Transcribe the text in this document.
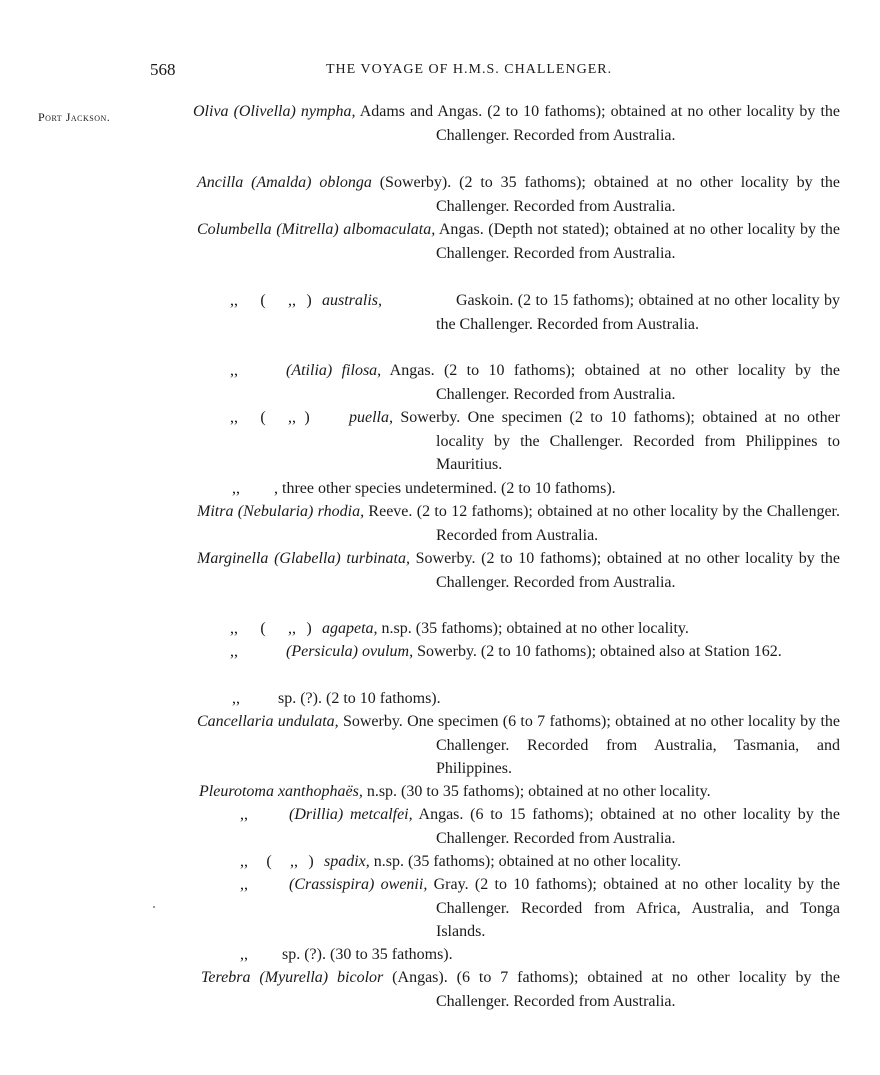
568	THE VOYAGE OF H.M.S. CHALLENGER.
Port Jackson.	Oliva (Olivella) nympha, Adams and Angas. (2 to 10 fathoms); obtained at no other locality by the Challenger. Recorded from Australia.
Ancilla (Amalda) oblonga (Sowerby). (2 to 35 fathoms); obtained at no other locality by the Challenger. Recorded from Australia.
Columbella (Mitrella) albomaculata, Angas. (Depth not stated); obtained at no other locality by the Challenger. Recorded from Australia.
,, ( ,, ) australis,	Gaskoin. (2 to 15 fathoms); obtained at no other locality by the Challenger. Recorded from Australia.
,,	(Atilia) filosa, Angas. (2 to 10 fathoms); obtained at no other locality by the Challenger. Recorded from Australia.
,, ( ,, )	puella, Sowerby. One specimen (2 to 10 fathoms); obtained at no other locality by the Challenger. Recorded from Philippines to Mauritius.
,, , three other species undetermined. (2 to 10 fathoms).
Mitra (Nebularia) rhodia, Reeve. (2 to 12 fathoms); obtained at no other locality by the Challenger. Recorded from Australia.
Marginella (Glabella) turbinata, Sowerby. (2 to 10 fathoms); obtained at no other locality by the Challenger. Recorded from Australia.
,, ( ,, ) agapeta, n.sp. (35 fathoms); obtained at no other locality.
,,	(Persicula) ovulum, Sowerby. (2 to 10 fathoms); obtained also at Station 162.
,, sp. (?). (2 to 10 fathoms).
Cancellaria undulata, Sowerby. One specimen (6 to 7 fathoms); obtained at no other locality by the Challenger. Recorded from Australia, Tasmania, and Philippines.
Pleurotoma xanthophaës, n.sp. (30 to 35 fathoms); obtained at no other locality.
,,	(Drillia) metcalfei, Angas. (6 to 15 fathoms); obtained at no other locality by the Challenger. Recorded from Australia.
,, ( ,, ) spadix, n.sp. (35 fathoms); obtained at no other locality.
,,	(Crassispira) owenii, Gray. (2 to 10 fathoms); obtained at no other locality by the Challenger. Recorded from Africa, Australia, and Tonga Islands.
,, sp. (?). (30 to 35 fathoms).
Terebra (Myurella) bicolor (Angas). (6 to 7 fathoms); obtained at no other locality by the Challenger. Recorded from Australia.
